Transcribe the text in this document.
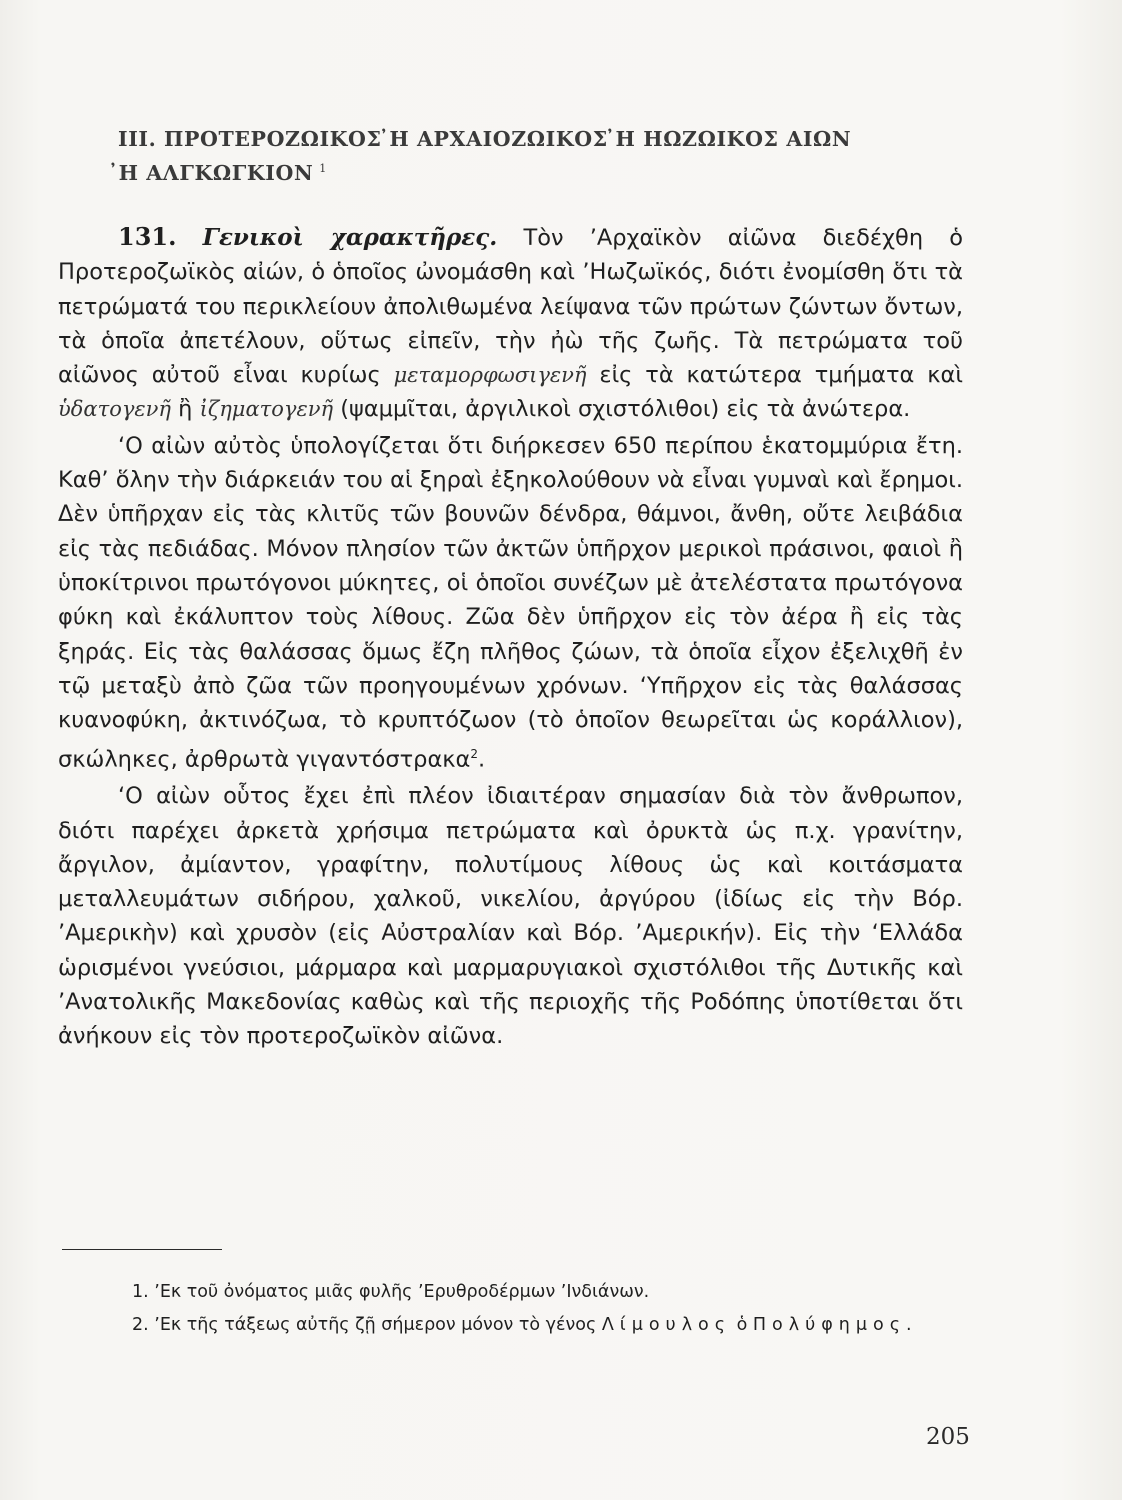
III. ΠΡΟΤΕΡΟΖΩΙΚΟΣ ̓Η ΑΡΧΑΙΟΖΩΙΚΟΣ ̓Η ΗΩΖΩΙΚΟΣ ΑΙΩΝ
̓Η ΑΛΓΚΩΓΚΙΟΝ $^1$

131. Γενικοὶ χαρακτῆρες. Τὸν ’Αρχαϊκὸν αἰῶνα διεδέχθη ὁ Προτεροζωϊκὸς αἰών, ὁ ὁποῖος ὠνομάσθη καὶ ’Ηωζωϊκός, διότι ἐνομίσθη ὅτι τὰ πετρώματά του περικλείουν ἀπολιθωμένα λείψανα τῶν πρώτων ζώντων ὄντων, τὰ ὁποῖα ἀπετέλουν, οὕτως εἰπεῖν, τὴν ἠὼ τῆς ζωῆς. Τὰ πετρώματα τοῦ αἰῶνος αὐτοῦ εἶναι κυρίως μεταμορφωσιγενῆ εἰς τὰ κατώτερα τμήματα καὶ ὑδατογενῆ ἢ ἰζηματογενῆ (ψαμμῖται, ἀργιλικοὶ σχιστόλιθοι) εἰς τὰ ἀνώτερα.

‘Ο αἰὼν αὐτὸς ὑπολογίζεται ὅτι διήρκεσεν 650 περίπου ἑκατομμύρια ἔτη. Καθ’ ὅλην τὴν διάρκειάν του αἱ ξηραὶ ἐξηκολούθουν νὰ εἶναι γυμναὶ καὶ ἔρημοι. Δὲν ὑπῆρχαν εἰς τὰς κλιτῦς τῶν βουνῶν δένδρα, θάμνοι, ἄνθη, οὔτε λειβάδια εἰς τὰς πεδιάδας. Μόνον πλησίον τῶν ἀκτῶν ὑπῆρχον μερικοὶ πράσινοι, φαιοὶ ἢ ὑποκίτρινοι πρωτόγονοι μύκητες, οἱ ὁποῖοι συνέζων μὲ ἀτελέστατα πρωτόγονα φύκη καὶ ἐκάλυπτον τοὺς λίθους. Ζῶα δὲν ὑπῆρχον εἰς τὸν ἀέρα ἢ εἰς τὰς ξηράς. Εἰς τὰς θαλάσσας ὅμως ἔζη πλῆθος ζώων, τὰ ὁποῖα εἶχον ἐξελιχθῆ ἐν τῷ μεταξὺ ἀπὸ ζῶα τῶν προηγουμένων χρόνων. ‘Υπῆρχον εἰς τὰς θαλάσσας κυανοφύκη, ἀκτινόζωα, τὸ κρυπτόζωον (τὸ ὁποῖον θεωρεῖται ὡς κοράλλιον), σκώληκες, ἀρθρωτὰ γιγαντόστρακα$^2$.

‘Ο αἰὼν οὗτος ἔχει ἐπὶ πλέον ἰδιαιτέραν σημασίαν διὰ τὸν ἄνθρωπον, διότι παρέχει ἀρκετὰ χρήσιμα πετρώματα καὶ ὀρυκτὰ ὡς π.χ. γρανίτην, ἄργιλον, ἀμίαντον, γραφίτην, πολυτίμους λίθους ὡς καὶ κοιτάσματα μεταλλευμάτων σιδήρου, χαλκοῦ, νικελίου, ἀργύρου (ἰδίως εἰς τὴν Βόρ. ’Αμερικὴν) καὶ χρυσὸν (εἰς Αὐστραλίαν καὶ Βόρ. ’Αμερικήν). Εἰς τὴν ‘Ελλάδα ὡρισμένοι γνεύσιοι, μάρμαρα καὶ μαρμαρυγιακοὶ σχιστόλιθοι τῆς Δυτικῆς καὶ ’Ανατολικῆς Μακεδονίας καθὼς καὶ τῆς περιοχῆς τῆς Ροδόπης ὑποτίθεται ὅτι ἀνήκουν εἰς τὸν προτεροζωϊκὸν αἰῶνα.

1. ’Εκ τοῦ ὀνόματος μιᾶς φυλῆς ’Ερυθροδέρμων ’Ινδιάνων.

2. ’Εκ τῆς τάξεως αὐτῆς ζῇ σήμερον μόνον τὸ γένος Λίμουλος ὁ Πολύφημος.

205
